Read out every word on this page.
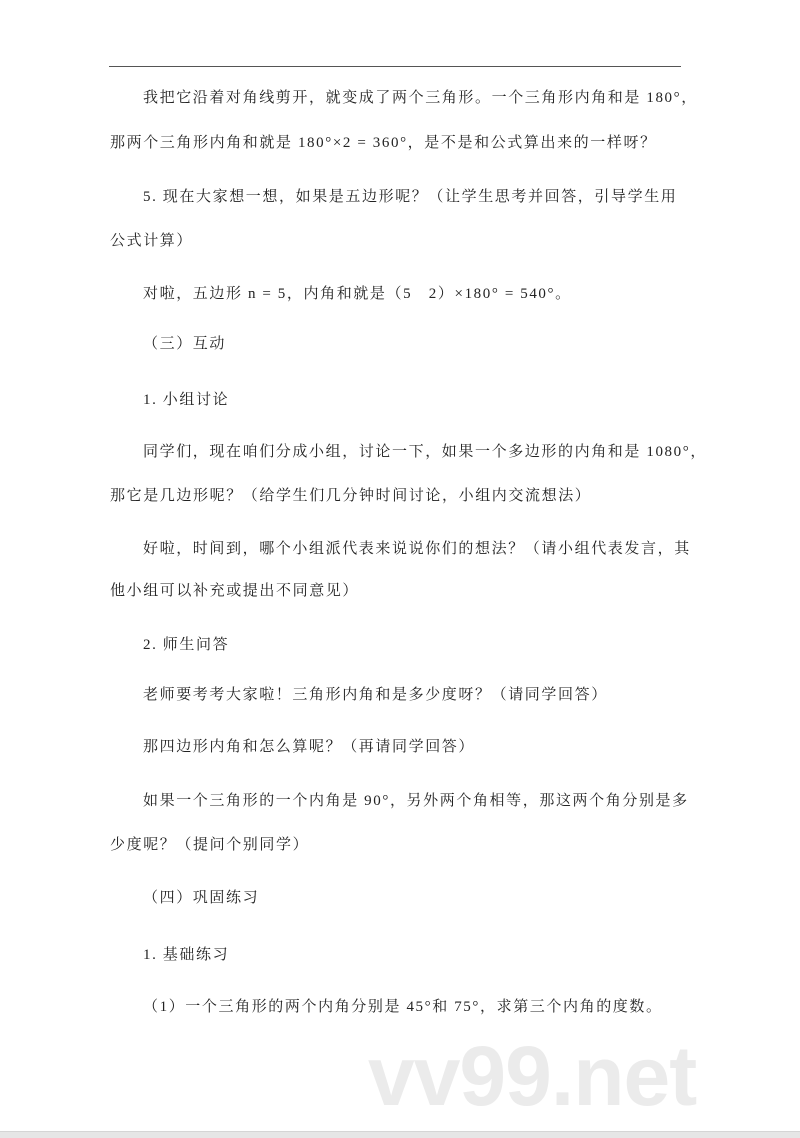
我把它沿着对角线剪开，就变成了两个三角形。一个三角形内角和是 180°，
那两个三角形内角和就是 180°×2 = 360°，是不是和公式算出来的一样呀？
5. 现在大家想一想，如果是五边形呢？（让学生思考并回答，引导学生用
公式计算）
对啦，五边形 n = 5，内角和就是（5　2）×180° = 540°。
（三）互动
1. 小组讨论
同学们，现在咱们分成小组，讨论一下，如果一个多边形的内角和是 1080°，
那它是几边形呢？（给学生们几分钟时间讨论，小组内交流想法）
好啦，时间到，哪个小组派代表来说说你们的想法？（请小组代表发言，其
他小组可以补充或提出不同意见）
2. 师生问答
老师要考考大家啦！三角形内角和是多少度呀？（请同学回答）
那四边形内角和怎么算呢？（再请同学回答）
如果一个三角形的一个内角是 90°，另外两个角相等，那这两个角分别是多
少度呢？（提问个别同学）
（四）巩固练习
1. 基础练习
（1）一个三角形的两个内角分别是 45°和 75°，求第三个内角的度数。
vv99.net
